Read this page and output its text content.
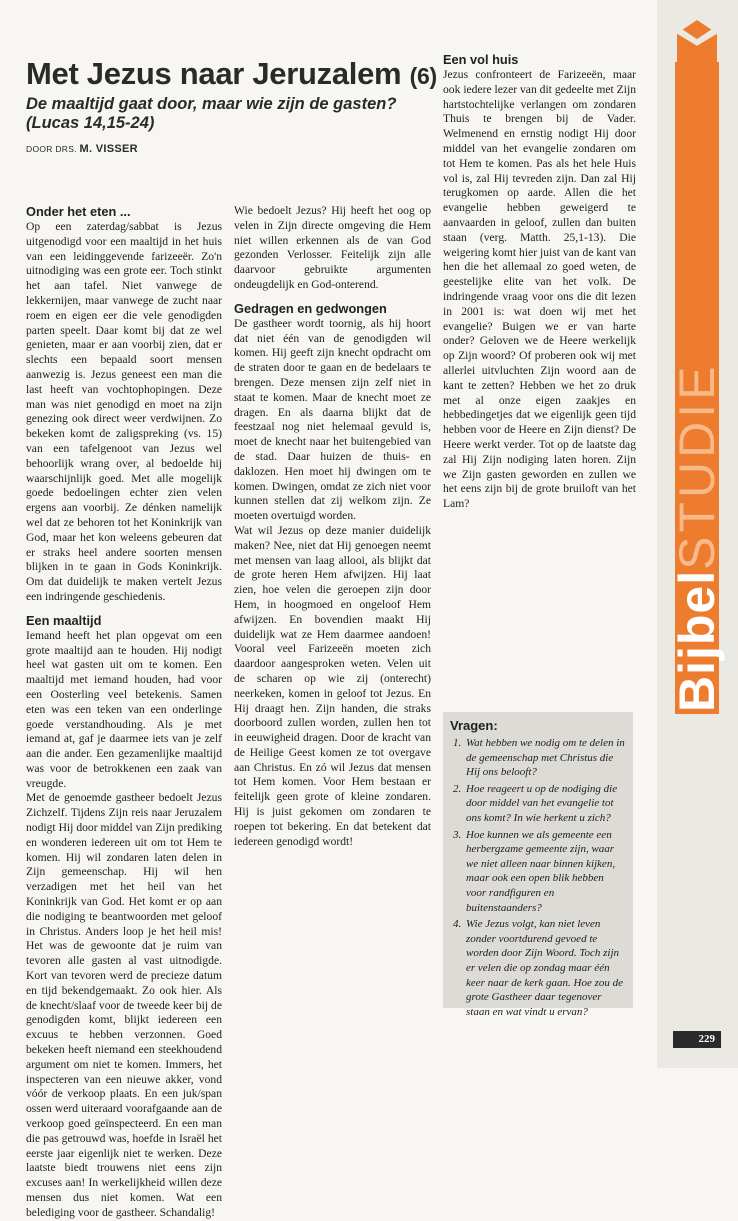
Met Jezus naar Jeruzalem (6)

De maaltijd gaat door, maar wie zijn de gasten? (Lucas 14,15-24)

DOOR DRS. M. VISSER
Onder het eten ...

Op een zaterdag/sabbat is Jezus uitgenodigd voor een maaltijd in het huis van een leidinggevende farizeeër. Zo'n uitnodiging was een grote eer. Toch stinkt het aan tafel. Niet vanwege de lekkernijen, maar vanwege de zucht naar roem en eigen eer die vele genodigden parten speelt. Daar komt bij dat ze wel genieten, maar er aan voorbij zien, dat er slechts een bepaald soort mensen aanwezig is. Jezus geneest een man die last heeft van vochtophopingen. Deze man was niet genodigd en moet na zijn genezing ook direct weer verdwijnen. Zo bekeken komt de zaligspreking (vs. 15) van een tafelgenoot van Jezus wel behoorlijk wrang over, al bedoelde hij waarschijnlijk goed. Met alle mogelijk goede bedoelingen echter zien velen ergens aan voorbij. Ze dénken namelijk wel dat ze behoren tot het Koninkrijk van God, maar het kon weleens gebeuren dat er straks heel andere soorten mensen blijken in te gaan in Gods Koninkrijk. Om dat duidelijk te maken vertelt Jezus een indringende geschiedenis.

Een maaltijd

Iemand heeft het plan opgevat om een grote maaltijd aan te houden. Hij nodigt heel wat gasten uit om te komen. Een maaltijd met iemand houden, had voor een Oosterling veel betekenis. Samen eten was een teken van een onderlinge goede verstandhouding. Als je met iemand at, gaf je daarmee iets van je zelf aan die ander. Een gezamenlijke maaltijd was voor de betrokkenen een zaak van vreugde.

Met de genoemde gastheer bedoelt Jezus Zichzelf. Tijdens Zijn reis naar Jeruzalem nodigt Hij door middel van Zijn prediking en wonderen iedereen uit om tot Hem te komen. Hij wil zondaren laten delen in Zijn gemeenschap. Hij wil hen verzadigen met het heil van het Koninkrijk van God. Het komt er op aan die nodiging te beantwoorden met geloof in Christus. Anders loop je het heil mis! Het was de gewoonte dat je ruim van tevoren alle gasten al vast uitnodigde. Kort van tevoren werd de precieze datum en tijd bekendgemaakt. Zo ook hier. Als de knecht/slaaf voor de tweede keer bij de genodigden komt, blijkt iedereen een excuus te hebben verzonnen. Goed bekeken heeft niemand een steekhoudend argument om niet te komen. Immers, het inspecteren van een nieuwe akker, vond vóór de verkoop plaats. En een juk/span ossen werd uiteraard voorafgaande aan de verkoop goed geïnspecteerd. En een man die pas getrouwd was, hoefde in Israël het eerste jaar eigenlijk niet te werken. Deze laatste biedt trouwens niet eens zijn excuses aan! In werkelijkheid willen deze mensen dus niet komen. Wat een belediging voor de gastheer. Schandalig!

Wie bedoelt Jezus? Hij heeft het oog op velen in Zijn directe omgeving die Hem niet willen erkennen als de van God gezonden Verlosser. Feitelijk zijn alle daarvoor gebruikte argumenten ondeugdelijk en God-onterend.

Gedragen en gedwongen

De gastheer wordt toornig, als hij hoort dat niet één van de genodigden wil komen. Hij geeft zijn knecht opdracht om de straten door te gaan en de bedelaars te brengen. Deze mensen zijn zelf niet in staat te komen. Maar de knecht moet ze dragen. En als daarna blijkt dat de feestzaal nog niet helemaal gevuld is, moet de knecht naar het buitengebied van de stad. Daar huizen de thuis- en daklozen. Hen moet hij dwingen om te komen. Dwingen, omdat ze zich niet voor kunnen stellen dat zij welkom zijn. Ze moeten overtuigd worden.

Wat wil Jezus op deze manier duidelijk maken? Nee, niet dat Hij genoegen neemt met mensen van laag allooi, als blijkt dat de grote heren Hem afwijzen. Hij laat zien, hoe velen die geroepen zijn door Hem, in hoogmoed en ongeloof Hem afwijzen. En bovendien maakt Hij duidelijk wat ze Hem daarmee aandoen! Vooral veel Farizeeën moeten zich daardoor aangesproken weten. Velen uit de scharen op wie zij (onterecht) neerkeken, komen in geloof tot Jezus. En Hij draagt hen. Zijn handen, die straks doorboord zullen worden, zullen hen tot in eeuwigheid dragen. Door de kracht van de Heilige Geest komen ze tot overgave aan Christus. En zó wil Jezus dat mensen tot Hem komen. Voor Hem bestaan er feitelijk geen grote of kleine zondaren. Hij is juist gekomen om zondaren te roepen tot bekering. En dat betekent dat iedereen genodigd wordt!

Een vol huis

Jezus confronteert de Farizeeën, maar ook iedere lezer van dit gedeelte met Zijn hartstochtelijke verlangen om zondaren Thuis te brengen bij de Vader. Welmenend en ernstig nodigt Hij door middel van het evangelie zondaren om tot Hem te komen. Pas als het hele Huis vol is, zal Hij tevreden zijn. Dan zal Hij terugkomen op aarde. Allen die het evangelie hebben geweigerd te aanvaarden in geloof, zullen dan buiten staan (verg. Matth. 25,1-13). Die weigering komt hier juist van de kant van hen die het allemaal zo goed weten, de geestelijke elite van het volk. De indringende vraag voor ons die dit lezen in 2001 is: wat doen wij met het evangelie? Buigen we er van harte onder? Geloven we de Heere werkelijk op Zijn woord? Of proberen ook wij met allerlei uitvluchten Zijn woord aan de kant te zetten? Hebben we het zo druk met al onze eigen zaakjes en hebbedingetjes dat we eigenlijk geen tijd hebben voor de Heere en Zijn dienst? De Heere werkt verder. Tot op de laatste dag zal Hij Zijn nodiging laten horen. Zijn we Zijn gasten geworden en zullen we het eens zijn bij de grote bruiloft van het Lam?

Vragen:
1. Wat hebben we nodig om te delen in de gemeenschap met Christus die Hij ons belooft?
2. Hoe reageert u op de nodiging die door middel van het evangelie tot ons komt? In wie herkent u zich?
3. Hoe kunnen we als gemeente een herbergzame gemeente zijn, waar we niet alleen naar binnen kijken, maar ook een open blik hebben voor randfiguren en buitenstaanders?
4. Wie Jezus volgt, kan niet leven zonder voortdurend gevoed te worden door Zijn Woord. Toch zijn er velen die op zondag maar één keer naar de kerk gaan. Hoe zou de grote Gastheer daar tegenover staan en wat vindt u ervan?
Bijbel
STUDIE
229
